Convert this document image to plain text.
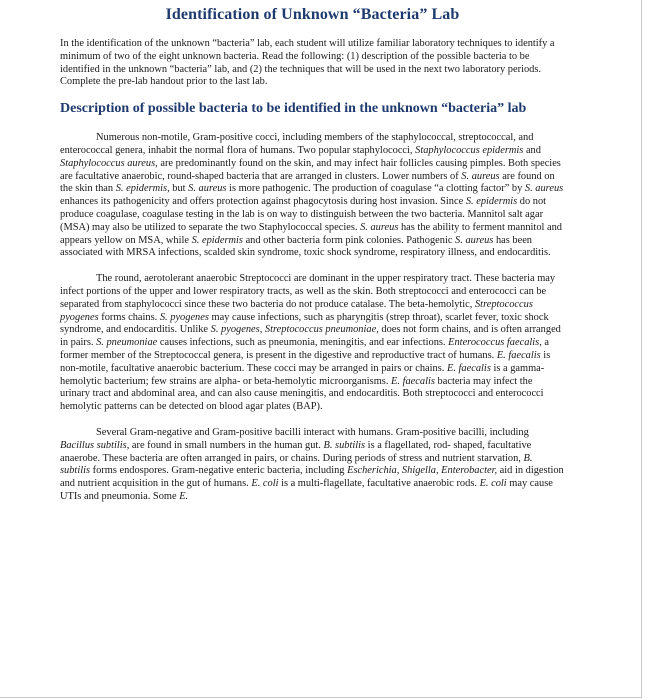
Identification of Unknown “Bacteria” Lab

In the identification of the unknown “bacteria” lab, each student will utilize familiar laboratory techniques to identify a minimum of two of the eight unknown bacteria. Read the following: (1) description of the possible bacteria to be identified in the unknown “bacteria” lab, and (2) the techniques that will be used in the next two laboratory periods. Complete the pre-lab handout prior to the last lab.

Description of possible bacteria to be identified in the unknown “bacteria” lab

Numerous non-motile, Gram-positive cocci, including members of the staphylococcal, streptococcal, and enterococcal genera, inhabit the normal flora of humans. Two popular staphylococci, Staphylococcus epidermis and Staphylococcus aureus, are predominantly found on the skin, and may infect hair follicles causing pimples. Both species are facultative anaerobic, round-shaped bacteria that are arranged in clusters. Lower numbers of S. aureus are found on the skin than S. epidermis, but S. aureus is more pathogenic. The production of coagulase “a clotting factor” by S. aureus enhances its pathogenicity and offers protection against phagocytosis during host invasion. Since S. epidermis do not produce coagulase, coagulase testing in the lab is on way to distinguish between the two bacteria. Mannitol salt agar (MSA) may also be utilized to separate the two Staphylococcal species. S. aureus has the ability to ferment mannitol and appears yellow on MSA, while S. epidermis and other bacteria form pink colonies. Pathogenic S. aureus has been associated with MRSA infections, scalded skin syndrome, toxic shock syndrome, respiratory illness, and endocarditis.

The round, aerotolerant anaerobic Streptococci are dominant in the upper respiratory tract. These bacteria may infect portions of the upper and lower respiratory tracts, as well as the skin. Both streptococci and enterococci can be separated from staphylococci since these two bacteria do not produce catalase. The beta-hemolytic, Streptococcus pyogenes forms chains. S. pyogenes may cause infections, such as pharyngitis (strep throat), scarlet fever, toxic shock syndrome, and endocarditis. Unlike S. pyogenes, Streptococcus pneumoniae, does not form chains, and is often arranged in pairs. S. pneumoniae causes infections, such as pneumonia, meningitis, and ear infections. Enterococcus faecalis, a former member of the Streptococcal genera, is present in the digestive and reproductive tract of humans. E. faecalis is non-motile, facultative anaerobic bacterium. These cocci may be arranged in pairs or chains. E. faecalis is a gamma-hemolytic bacterium; few strains are alpha- or beta-hemolytic microorganisms. E. faecalis bacteria may infect the urinary tract and abdominal area, and can also cause meningitis, and endocarditis. Both streptococci and enterococci hemolytic patterns can be detected on blood agar plates (BAP).

Several Gram-negative and Gram-positive bacilli interact with humans. Gram-positive bacilli, including Bacillus subtilis, are found in small numbers in the human gut. B. subtilis is a flagellated, rod- shaped, facultative anaerobe. These bacteria are often arranged in pairs, or chains. During periods of stress and nutrient starvation, B. subtilis forms endospores. Gram-negative enteric bacteria, including Escherichia, Shigella, Enterobacter, aid in digestion and nutrient acquisition in the gut of humans. E. coli is a multi-flagellate, facultative anaerobic rods. E. coli may cause UTIs and pneumonia. Some E.
